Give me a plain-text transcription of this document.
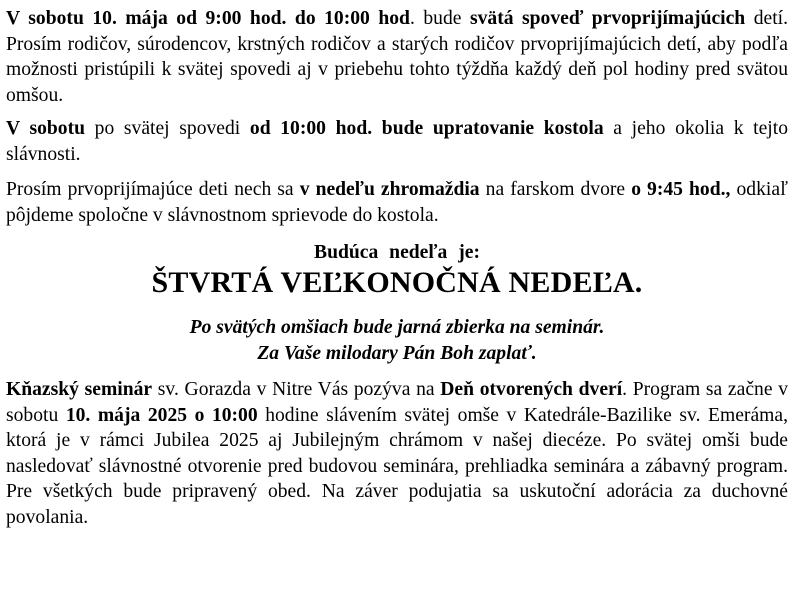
V sobotu 10. mája od 9:00 hod. do 10:00 hod. bude svätá spoveď prvoprijímajúcich detí. Prosím rodičov, súrodencov, krstných rodičov a starých rodičov prvoprijímajúcich detí, aby podľa možnosti pristúpili k svätej spovedi aj v priebehu tohto týždňa každý deň pol hodiny pred svätou omšou.

V sobotu po svätej spovedi od 10:00 hod. bude upratovanie kostola a jeho okolia k tejto slávnosti.

Prosím prvoprijímajúce deti nech sa v nedeľu zhromaždia na farskom dvore o 9:45 hod., odkiaľ pôjdeme spoločne v slávnostnom sprievode do kostola.

Budúca nedeľa je:

ŠTVRTÁ VEĽKONOČNÁ NEDEĽA.

Po svätých omšiach bude jarná zbierka na seminár.
Za Vaše milodary Pán Boh zaplať.

Kňazský seminár sv. Gorazda v Nitre Vás pozýva na Deň otvorených dverí. Program sa začne v sobotu 10. mája 2025 o 10:00 hodine slávením svätej omše v Katedrále-Bazilike sv. Emeráma, ktorá je v rámci Jubilea 2025 aj Jubilejným chrámom v našej diecéze. Po svätej omši bude nasledovať slávnostné otvorenie pred budovou seminára, prehliadka seminára a zábavný program. Pre všetkých bude pripravený obed. Na záver podujatia sa uskutoční adorácia za duchovné povolania.
